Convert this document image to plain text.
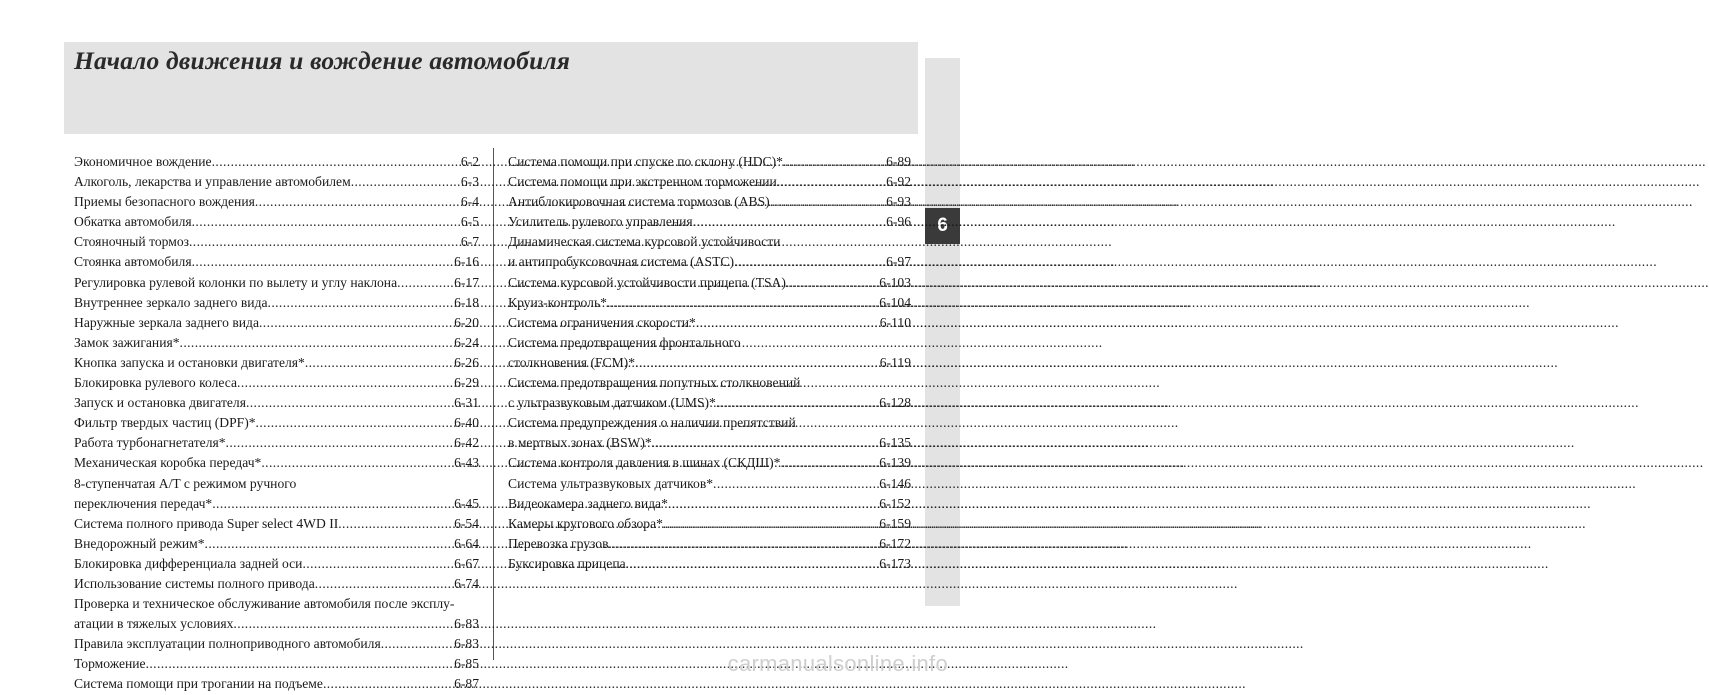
Начало движения и вождение автомобиля
6
Экономичное вождение .....	6-2
Алкоголь, лекарства и управление автомобилем .....	6-3
Приемы безопасного вождения .....	6-4
Обкатка автомобиля .....	6-5
Стояночный тормоз .....	6-7
Стоянка автомобиля .....	6-16
Регулировка рулевой колонки по вылету и углу наклона .....	6-17
Внутреннее зеркало заднего вида .....	6-18
Наружные зеркала заднего вида .....	6-20
Замок зажигания* .....	6-24
Кнопка запуска и остановки двигателя* .....	6-26
Блокировка рулевого колеса .....	6-29
Запуск и остановка двигателя .....	6-31
Фильтр твердых частиц (DPF)* .....	6-40
Работа турбонагнетателя* .....	6-42
Механическая коробка передач* .....	6-43
8-ступенчатая A/T с режимом ручного
переключения передач* .....	6-45
Система полного привода Super select 4WD II .....	6-54
Внедорожный режим* .....	6-64
Блокировка дифференциала задней оси .....	6-67
Использование системы полного привода .....	6-74
Проверка и техническое обслуживание автомобиля после эксплу-
атации в тяжелых условиях .....	6-83
Правила эксплуатации полноприводного автомобиля .....	6-83
Торможение .....	6-85
Система помощи при трогании на подъеме .....	6-87
Система помощи при спуске по склону (HDC)* .....	6-89
Система помощи при экстренном торможении .....	6-92
Антиблокировочная система тормозов (ABS) .....	6-93
Усилитель рулевого управления .....	6-96
Динамическая система курсовой устойчивости
и антипробуксовочная система (ASTC) .....	6-97
Система курсовой устойчивости прицепа (TSA) .....	6-103
Круиз-контроль* .....	6-104
Система ограничения скорости* .....	6-110
Система предотвращения фронтального
столкновения (FCM)* .....	6-119
Система предотвращения попутных столкновений
с ультразвуковым датчиком (UMS)* .....	6-128
Система предупреждения о наличии препятствий
в мертвых зонах (BSW)* .....	6-135
Система контроля давления в шинах (СКДШ)* .....	6-139
Система ультразвуковых датчиков* .....	6-146
Видеокамера заднего вида* .....	6-152
Камеры кругового обзора* .....	6-159
Перевозка грузов .....	6-172
Буксировка прицепа .....	6-173
carmanualsonline.info
